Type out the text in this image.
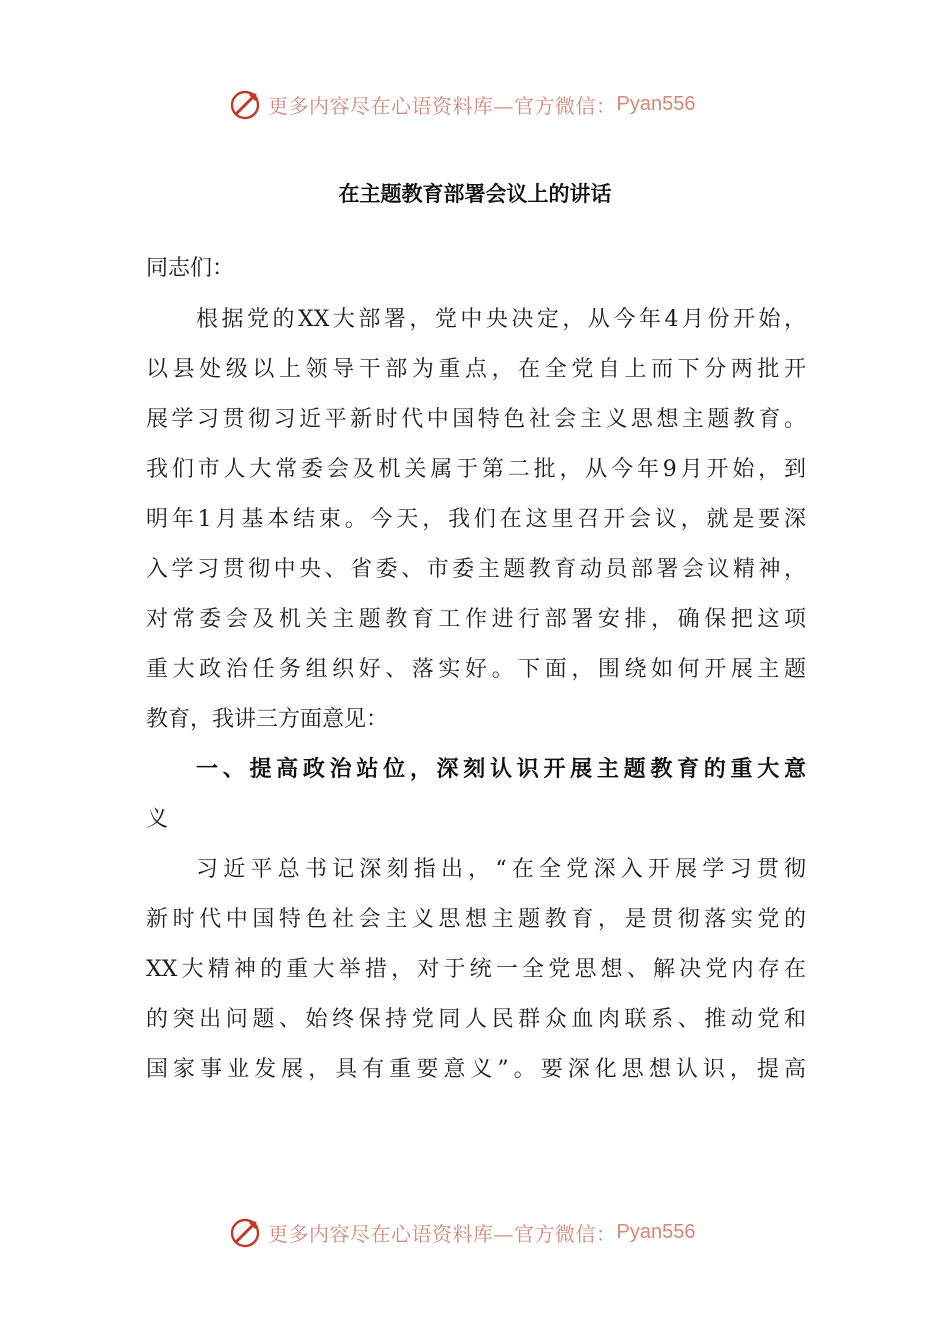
更多内容尽在心语资料库—官方微信： Pyan556
在主题教育部署会议上的讲话
同志们：
根据党的XX大部署，党中央决定，从今年4月份开始，
以县处级以上领导干部为重点，在全党自上而下分两批开
展学习贯彻习近平新时代中国特色社会主义思想主题教育。
我们市人大常委会及机关属于第二批，从今年9月开始，到
明年1月基本结束。今天，我们在这里召开会议，就是要深
入学习贯彻中央、省委、市委主题教育动员部署会议精神，
对常委会及机关主题教育工作进行部署安排，确保把这项
重大政治任务组织好、落实好。下面，围绕如何开展主题
教育，我讲三方面意见：
一、提高政治站位，深刻认识开展主题教育的重大意
义
习近平总书记深刻指出，“在全党深入开展学习贯彻
新时代中国特色社会主义思想主题教育，是贯彻落实党的
XX大精神的重大举措，对于统一全党思想、解决党内存在
的突出问题、始终保持党同人民群众血肉联系、推动党和
国家事业发展，具有重要意义”。要深化思想认识，提高
更多内容尽在心语资料库—官方微信： Pyan556
